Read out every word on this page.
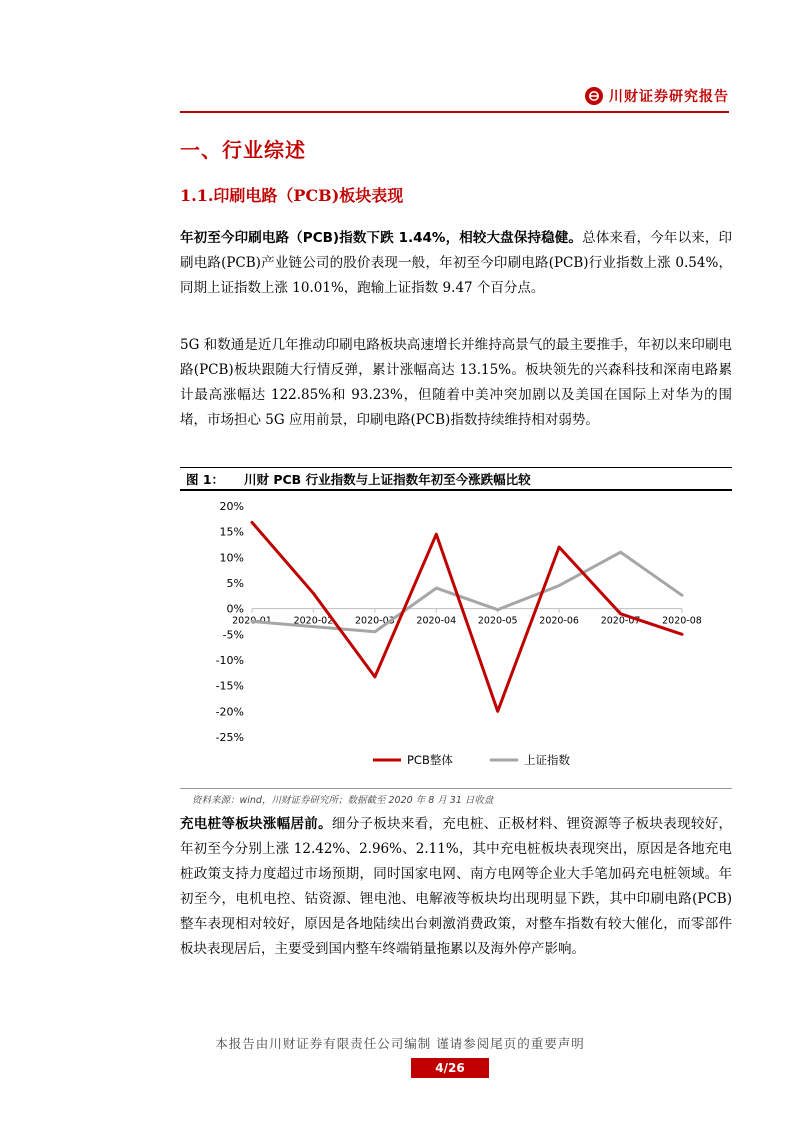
川财证券研究报告
一、行业综述
1.1.印刷电路（PCB)板块表现
年初至今印刷电路（PCB)指数下跌 1.44%，相较大盘保持稳健。总体来看，今年以来，印刷电路(PCB)产业链公司的股价表现一般，年初至今印刷电路(PCB)行业指数上涨 0.54%，同期上证指数上涨 10.01%，跑输上证指数 9.47 个百分点。
5G 和数通是近几年推动印刷电路板块高速增长并维持高景气的最主要推手，年初以来印刷电路(PCB)板块跟随大行情反弹，累计涨幅高达 13.15%。板块领先的兴森科技和深南电路累计最高涨幅达 122.85%和 93.23%，但随着中美冲突加剧以及美国在国际上对华为的围堵，市场担心 5G 应用前景，印刷电路(PCB)指数持续维持相对弱势。
图 1：	川财 PCB 行业指数与上证指数年初至今涨跌幅比较
20%
15%
10%
5%
0%
-5%
-10%
-15%
-20%
-25%
2020-01 2020-02 2020-03 2020-04 2020-05 2020-06 2020-07 2020-08
PCB整体	上证指数
资料来源：wind，川财证券研究所；数据截至 2020 年 8 月 31 日收盘
充电桩等板块涨幅居前。细分子板块来看，充电桩、正极材料、锂资源等子板块表现较好，年初至今分别上涨 12.42%、2.96%、2.11%，其中充电桩板块表现突出，原因是各地充电桩政策支持力度超过市场预期，同时国家电网、南方电网等企业大手笔加码充电桩领域。年初至今，电机电控、钴资源、锂电池、电解液等板块均出现明显下跌，其中印刷电路(PCB)整车表现相对较好，原因是各地陆续出台刺激消费政策，对整车指数有较大催化，而零部件板块表现居后，主要受到国内整车终端销量拖累以及海外停产影响。
本报告由川财证券有限责任公司编制 谨请参阅尾页的重要声明
4/26
